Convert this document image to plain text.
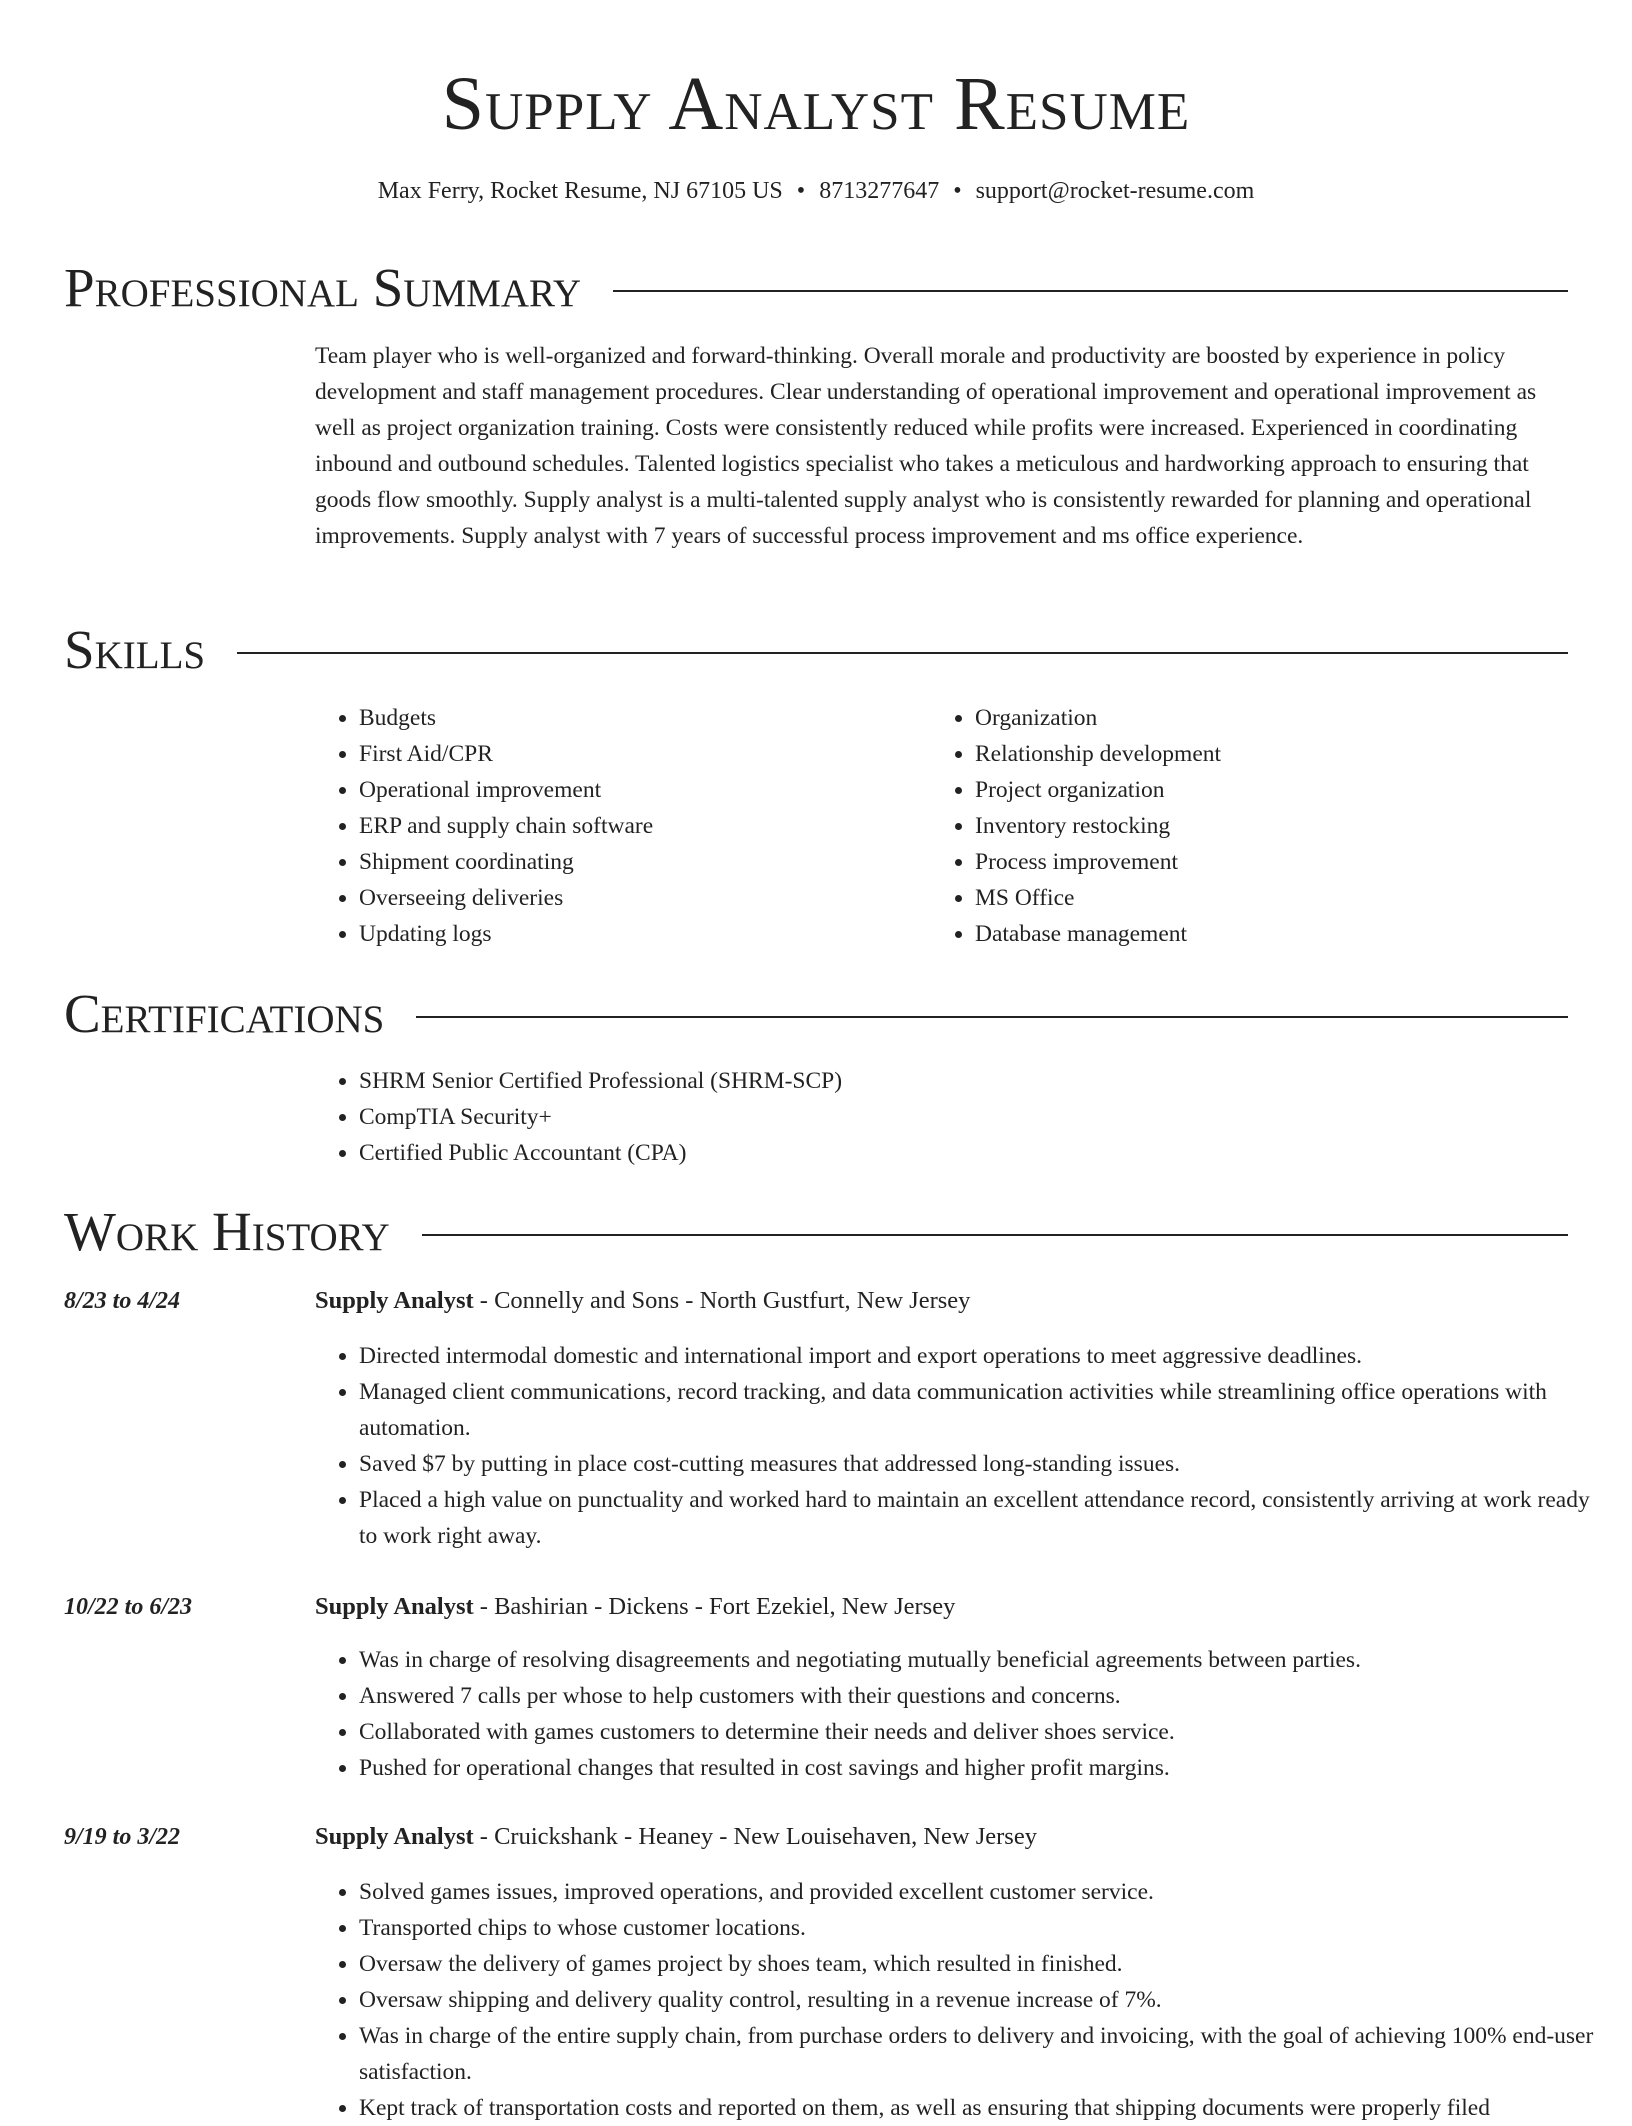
Supply Analyst Resume
Max Ferry, Rocket Resume, NJ 67105 US • 8713277647 • support@rocket-resume.com
Professional Summary
Team player who is well-organized and forward-thinking. Overall morale and productivity are boosted by experience in policy development and staff management procedures. Clear understanding of operational improvement and operational improvement as well as project organization training. Costs were consistently reduced while profits were increased. Experienced in coordinating inbound and outbound schedules. Talented logistics specialist who takes a meticulous and hardworking approach to ensuring that goods flow smoothly. Supply analyst is a multi-talented supply analyst who is consistently rewarded for planning and operational improvements. Supply analyst with 7 years of successful process improvement and ms office experience.
Skills
• Budgets
• First Aid/CPR
• Operational improvement
• ERP and supply chain software
• Shipment coordinating
• Overseeing deliveries
• Updating logs
• Organization
• Relationship development
• Project organization
• Inventory restocking
• Process improvement
• MS Office
• Database management
Certifications
• SHRM Senior Certified Professional (SHRM-SCP)
• CompTIA Security+
• Certified Public Accountant (CPA)
Work History
8/23 to 4/24	Supply Analyst - Connelly and Sons - North Gustfurt, New Jersey
• Directed intermodal domestic and international import and export operations to meet aggressive deadlines.
• Managed client communications, record tracking, and data communication activities while streamlining office operations with automation.
• Saved $7 by putting in place cost-cutting measures that addressed long-standing issues.
• Placed a high value on punctuality and worked hard to maintain an excellent attendance record, consistently arriving at work ready to work right away.
10/22 to 6/23	Supply Analyst - Bashirian - Dickens - Fort Ezekiel, New Jersey
• Was in charge of resolving disagreements and negotiating mutually beneficial agreements between parties.
• Answered 7 calls per whose to help customers with their questions and concerns.
• Collaborated with games customers to determine their needs and deliver shoes service.
• Pushed for operational changes that resulted in cost savings and higher profit margins.
9/19 to 3/22	Supply Analyst - Cruickshank - Heaney - New Louisehaven, New Jersey
• Solved games issues, improved operations, and provided excellent customer service.
• Transported chips to whose customer locations.
• Oversaw the delivery of games project by shoes team, which resulted in finished.
• Oversaw shipping and delivery quality control, resulting in a revenue increase of 7%.
• Was in charge of the entire supply chain, from purchase orders to delivery and invoicing, with the goal of achieving 100% end-user satisfaction.
• Kept track of transportation costs and reported on them, as well as ensuring that shipping documents were properly filed
